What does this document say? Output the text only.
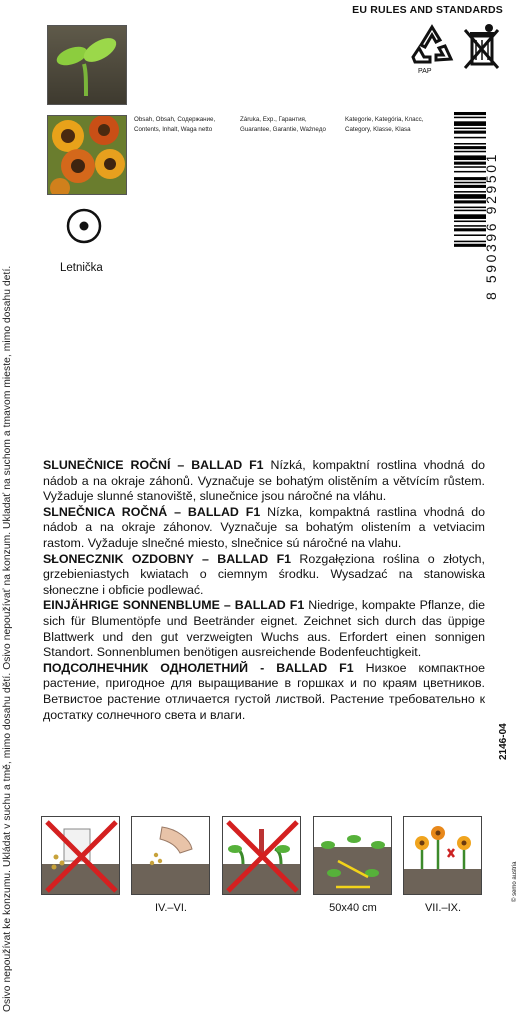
Osivo nepoužívat ke konzumu. Ukládat v suchu a tmě, mimo dosahu dětí. Osivo nepoužívať na konzum. Ukladať na suchom a tmavom mieste, mimo dosahu detí.
EU RULES AND STANDARDS
PAP
Obsah, Obsah, Содержание,
Contents, Inhalt, Waga netto
Záruka, Exp., Гарантия,
Guarantee, Garantie, Ważneдо
Kategorie, Kategória, Класс,
Category, Klasse, Klasa
Letnička	8 590396 929501
2146-04
© semo austria

SLUNEČNICE ROČNÍ – BALLAD F1 Nízká, kompaktní rostlina vhodná do nádob a na okraje záhonů. Vyznačuje se bohatým olistěním a větvícím růstem. Vyžaduje slunné stanoviště, slunečnice jsou náročné na vláhu.

SLNEČNICA ROČNÁ – BALLAD F1 Nízka, kompaktná rastlina vhodná do nádob a na okraje záhonov. Vyznačuje sa bohatým olistením a vetviacim rastom. Vyžaduje slnečné miesto, slnečnice sú náročné na vlahu.

SŁONECZNIK OZDOBNY – BALLAD F1 Rozgałęziona roślina o złotych, grzebieniastych kwiatach o ciemnym środku. Wysadzać na stanowiska słoneczne i obficie podlewać.

EINJÄHRIGE SONNENBLUME – BALLAD F1 Niedrige, kompakte Pflanze, die sich für Blumentöpfe und Beetränder eignet. Zeichnet sich durch das üppige Blattwerk und den gut verzweigten Wuchs aus. Erfordert einen sonnigen Standort. Sonnenblumen benötigen ausreichende Bodenfeuchtigkeit.

ПОДСОЛНЕЧНИК ОДНОЛЕТНИЙ - BALLAD F1 Низкое компактное растение, пригодное для выращивание в горшках и по краям цветников. Ветвистое растение отличается густой листвой. Растение требовательно к достатку солнечного света и влаги.

IV.–VI.	50x40 cm	VII.–IX.
